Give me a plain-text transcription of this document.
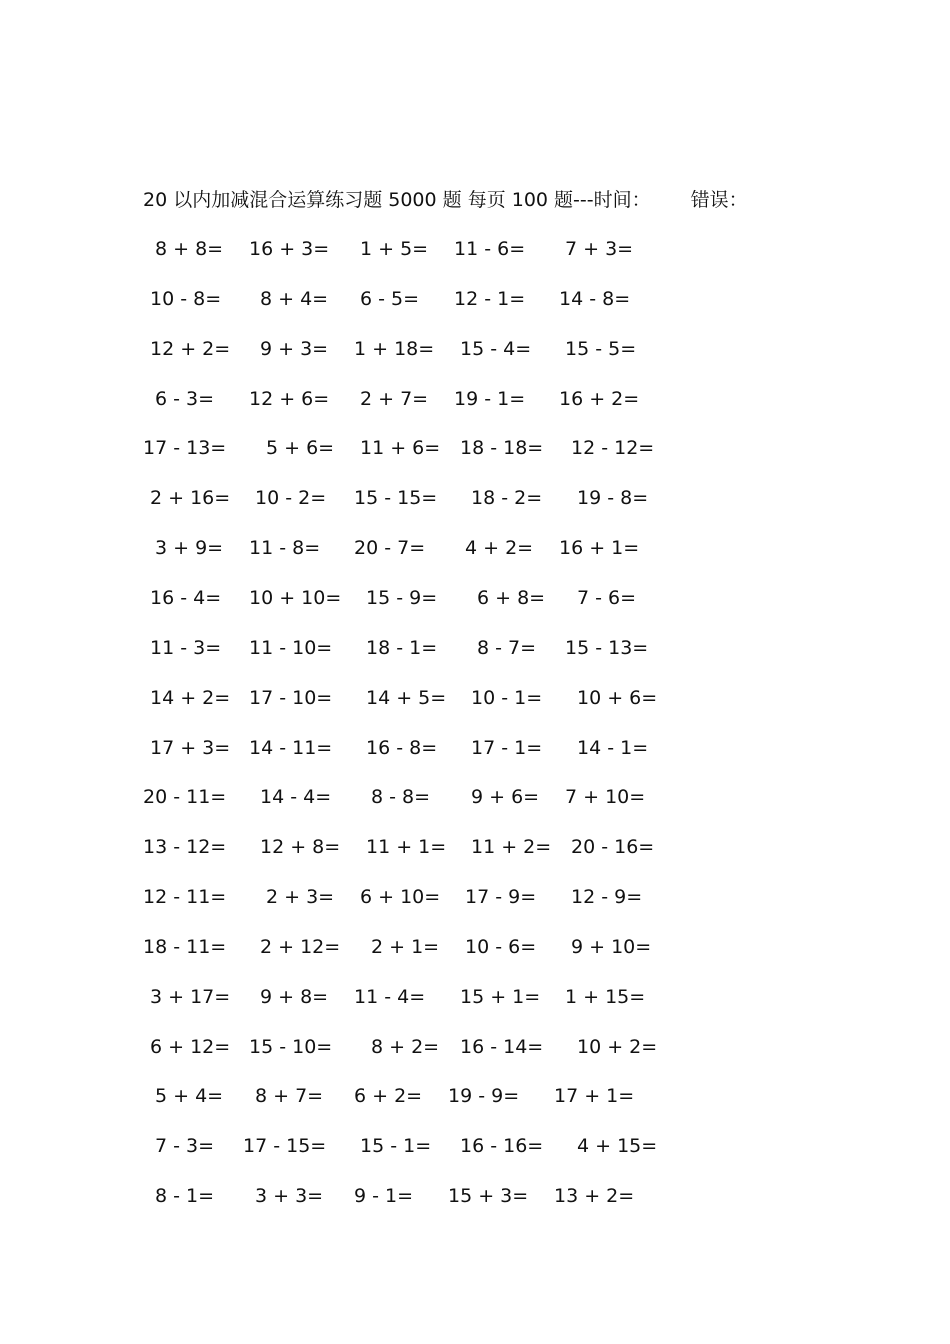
20 以内加减混合运算练习题 5000 题 每页 100 题---时间： 错误：
8 + 8= 16 + 3= 1 + 5= 11 - 6= 7 + 3=
10 - 8= 8 + 4= 6 - 5= 12 - 1= 14 - 8=
12 + 2= 9 + 3= 1 + 18= 15 - 4= 15 - 5=
6 - 3= 12 + 6= 2 + 7= 19 - 1= 16 + 2=
17 - 13= 5 + 6= 11 + 6= 18 - 18= 12 - 12=
2 + 16= 10 - 2= 15 - 15= 18 - 2= 19 - 8=
3 + 9= 11 - 8= 20 - 7= 4 + 2= 16 + 1=
16 - 4= 10 + 10= 15 - 9= 6 + 8= 7 - 6=
11 - 3= 11 - 10= 18 - 1= 8 - 7= 15 - 13=
14 + 2= 17 - 10= 14 + 5= 10 - 1= 10 + 6=
17 + 3= 14 - 11= 16 - 8= 17 - 1= 14 - 1=
20 - 11= 14 - 4= 8 - 8= 9 + 6= 7 + 10=
13 - 12= 12 + 8= 11 + 1= 11 + 2= 20 - 16=
12 - 11= 2 + 3= 6 + 10= 17 - 9= 12 - 9=
18 - 11= 2 + 12= 2 + 1= 10 - 6= 9 + 10=
3 + 17= 9 + 8= 11 - 4= 15 + 1= 1 + 15=
6 + 12= 15 - 10= 8 + 2= 16 - 14= 10 + 2=
5 + 4= 8 + 7= 6 + 2= 19 - 9= 17 + 1=
7 - 3= 17 - 15= 15 - 1= 16 - 16= 4 + 15=
8 - 1= 3 + 3= 9 - 1= 15 + 3= 13 + 2=
